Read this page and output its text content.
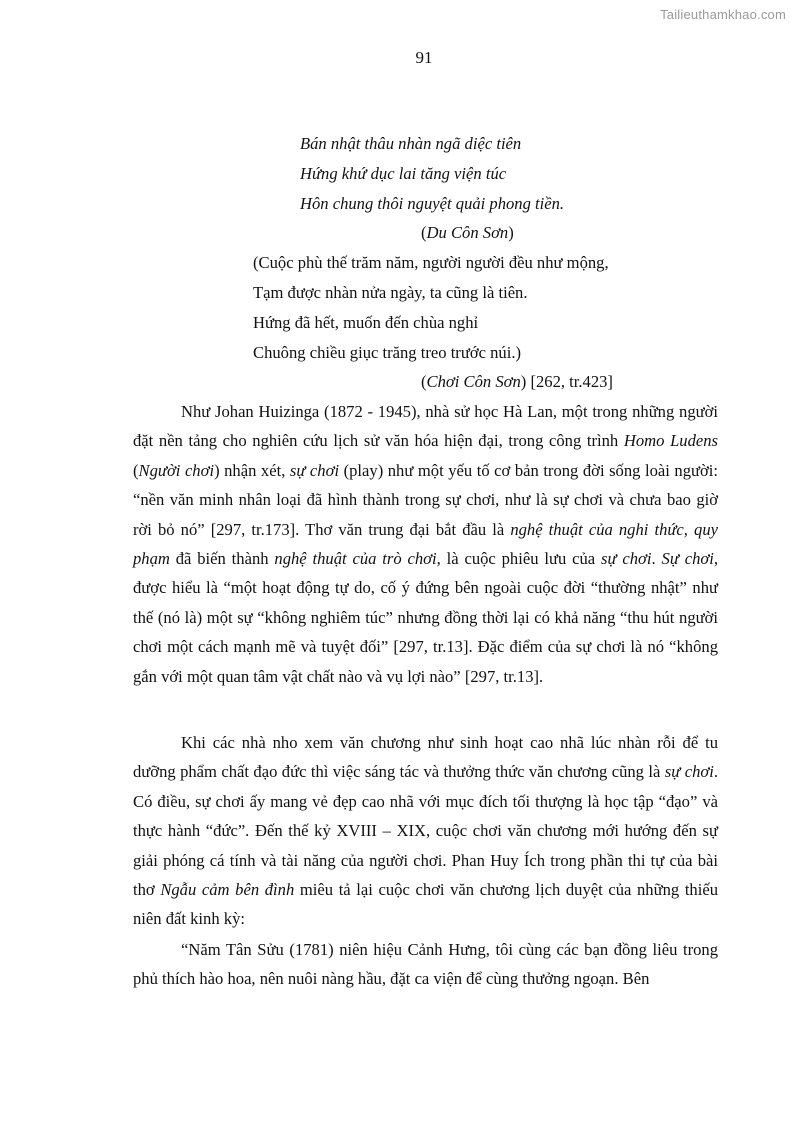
Tailieuthamkhao.com
91
Bán nhật thâu nhàn ngã diệc tiên
Hứng khứ dục lai tăng viện túc
Hôn chung thôi nguyệt quải phong tiền.
(Du Côn Sơn)
(Cuộc phù thế trăm năm, người người đều như mộng,
Tạm được nhàn nửa ngày, ta cũng là tiên.
Hứng đã hết, muốn đến chùa nghỉ
Chuông chiều giục trăng treo trước núi.)
(Chơi Côn Sơn) [262, tr.423]

Như Johan Huizinga (1872 - 1945), nhà sử học Hà Lan, một trong những người đặt nền tảng cho nghiên cứu lịch sử văn hóa hiện đại, trong công trình Homo Ludens (Người chơi) nhận xét, sự chơi (play) như một yếu tố cơ bản trong đời sống loài người: “nền văn minh nhân loại đã hình thành trong sự chơi, như là sự chơi và chưa bao giờ rời bỏ nó” [297, tr.173]. Thơ văn trung đại bắt đầu là nghệ thuật của nghi thức, quy phạm đã biến thành nghệ thuật của trò chơi, là cuộc phiêu lưu của sự chơi. Sự chơi, được hiểu là “một hoạt động tự do, cố ý đứng bên ngoài cuộc đời “thường nhật” như thế (nó là) một sự “không nghiêm túc” nhưng đồng thời lại có khả năng “thu hút người chơi một cách mạnh mẽ và tuyệt đối” [297, tr.13]. Đặc điểm của sự chơi là nó “không gắn với một quan tâm vật chất nào và vụ lợi nào” [297, tr.13].

Khi các nhà nho xem văn chương như sinh hoạt cao nhã lúc nhàn rỗi để tu dưỡng phẩm chất đạo đức thì việc sáng tác và thưởng thức văn chương cũng là sự chơi. Có điều, sự chơi ấy mang vẻ đẹp cao nhã với mục đích tối thượng là học tập “đạo” và thực hành “đức”. Đến thế kỷ XVIII – XIX, cuộc chơi văn chương mới hướng đến sự giải phóng cá tính và tài năng của người chơi. Phan Huy Ích trong phần thi tự của bài thơ Ngẫu cảm bên đình miêu tả lại cuộc chơi văn chương lịch duyệt của những thiếu niên đất kinh kỳ:

“Năm Tân Sửu (1781) niên hiệu Cảnh Hưng, tôi cùng các bạn đồng liêu trong phủ thích hào hoa, nên nuôi nàng hầu, đặt ca viện để cùng thưởng ngoạn. Bên
